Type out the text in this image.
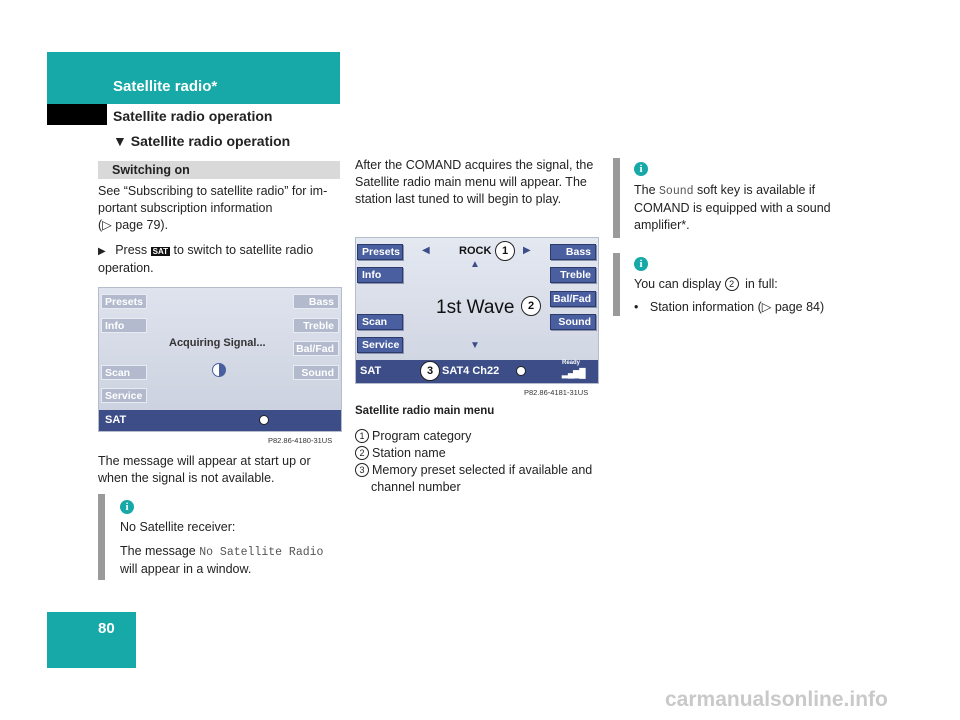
Satellite radio*
Satellite radio operation
▼ Satellite radio operation
80
Switching on
See “Subscribing to satellite radio” for im-portant subscription information
(▷ page 79).
▶ Press SAT to switch to satellite radio operation.
Presets
Info
Scan
Service
Bass
Treble
Bal/Fad
Sound
Acquiring Signal...
SAT
P82.86-4180-31US
The message will appear at start up or when the signal is not available.
i
No Satellite receiver:
The message No Satellite Radio will appear in a window.
After the COMAND acquires the signal, the Satellite radio main menu will appear. The station last tuned to will begin to play.
Presets
Info
Scan
Service
Bass
Treble
Bal/Fad
Sound
◀	▶
ROCK 1
▲
1st Wave	2
▼
SAT	SAT4 Ch22
Ready
▂▄▆█
3
P82.86-4181-31US
Satellite radio main menu
1 Program category
2 Station name
3 Memory preset selected if available and channel number
i
The Sound soft key is available if COMAND is equipped with a sound amplifier*.
i
You can display 2 in full:
• Station information (▷ page 84)
carmanualsonline.info
